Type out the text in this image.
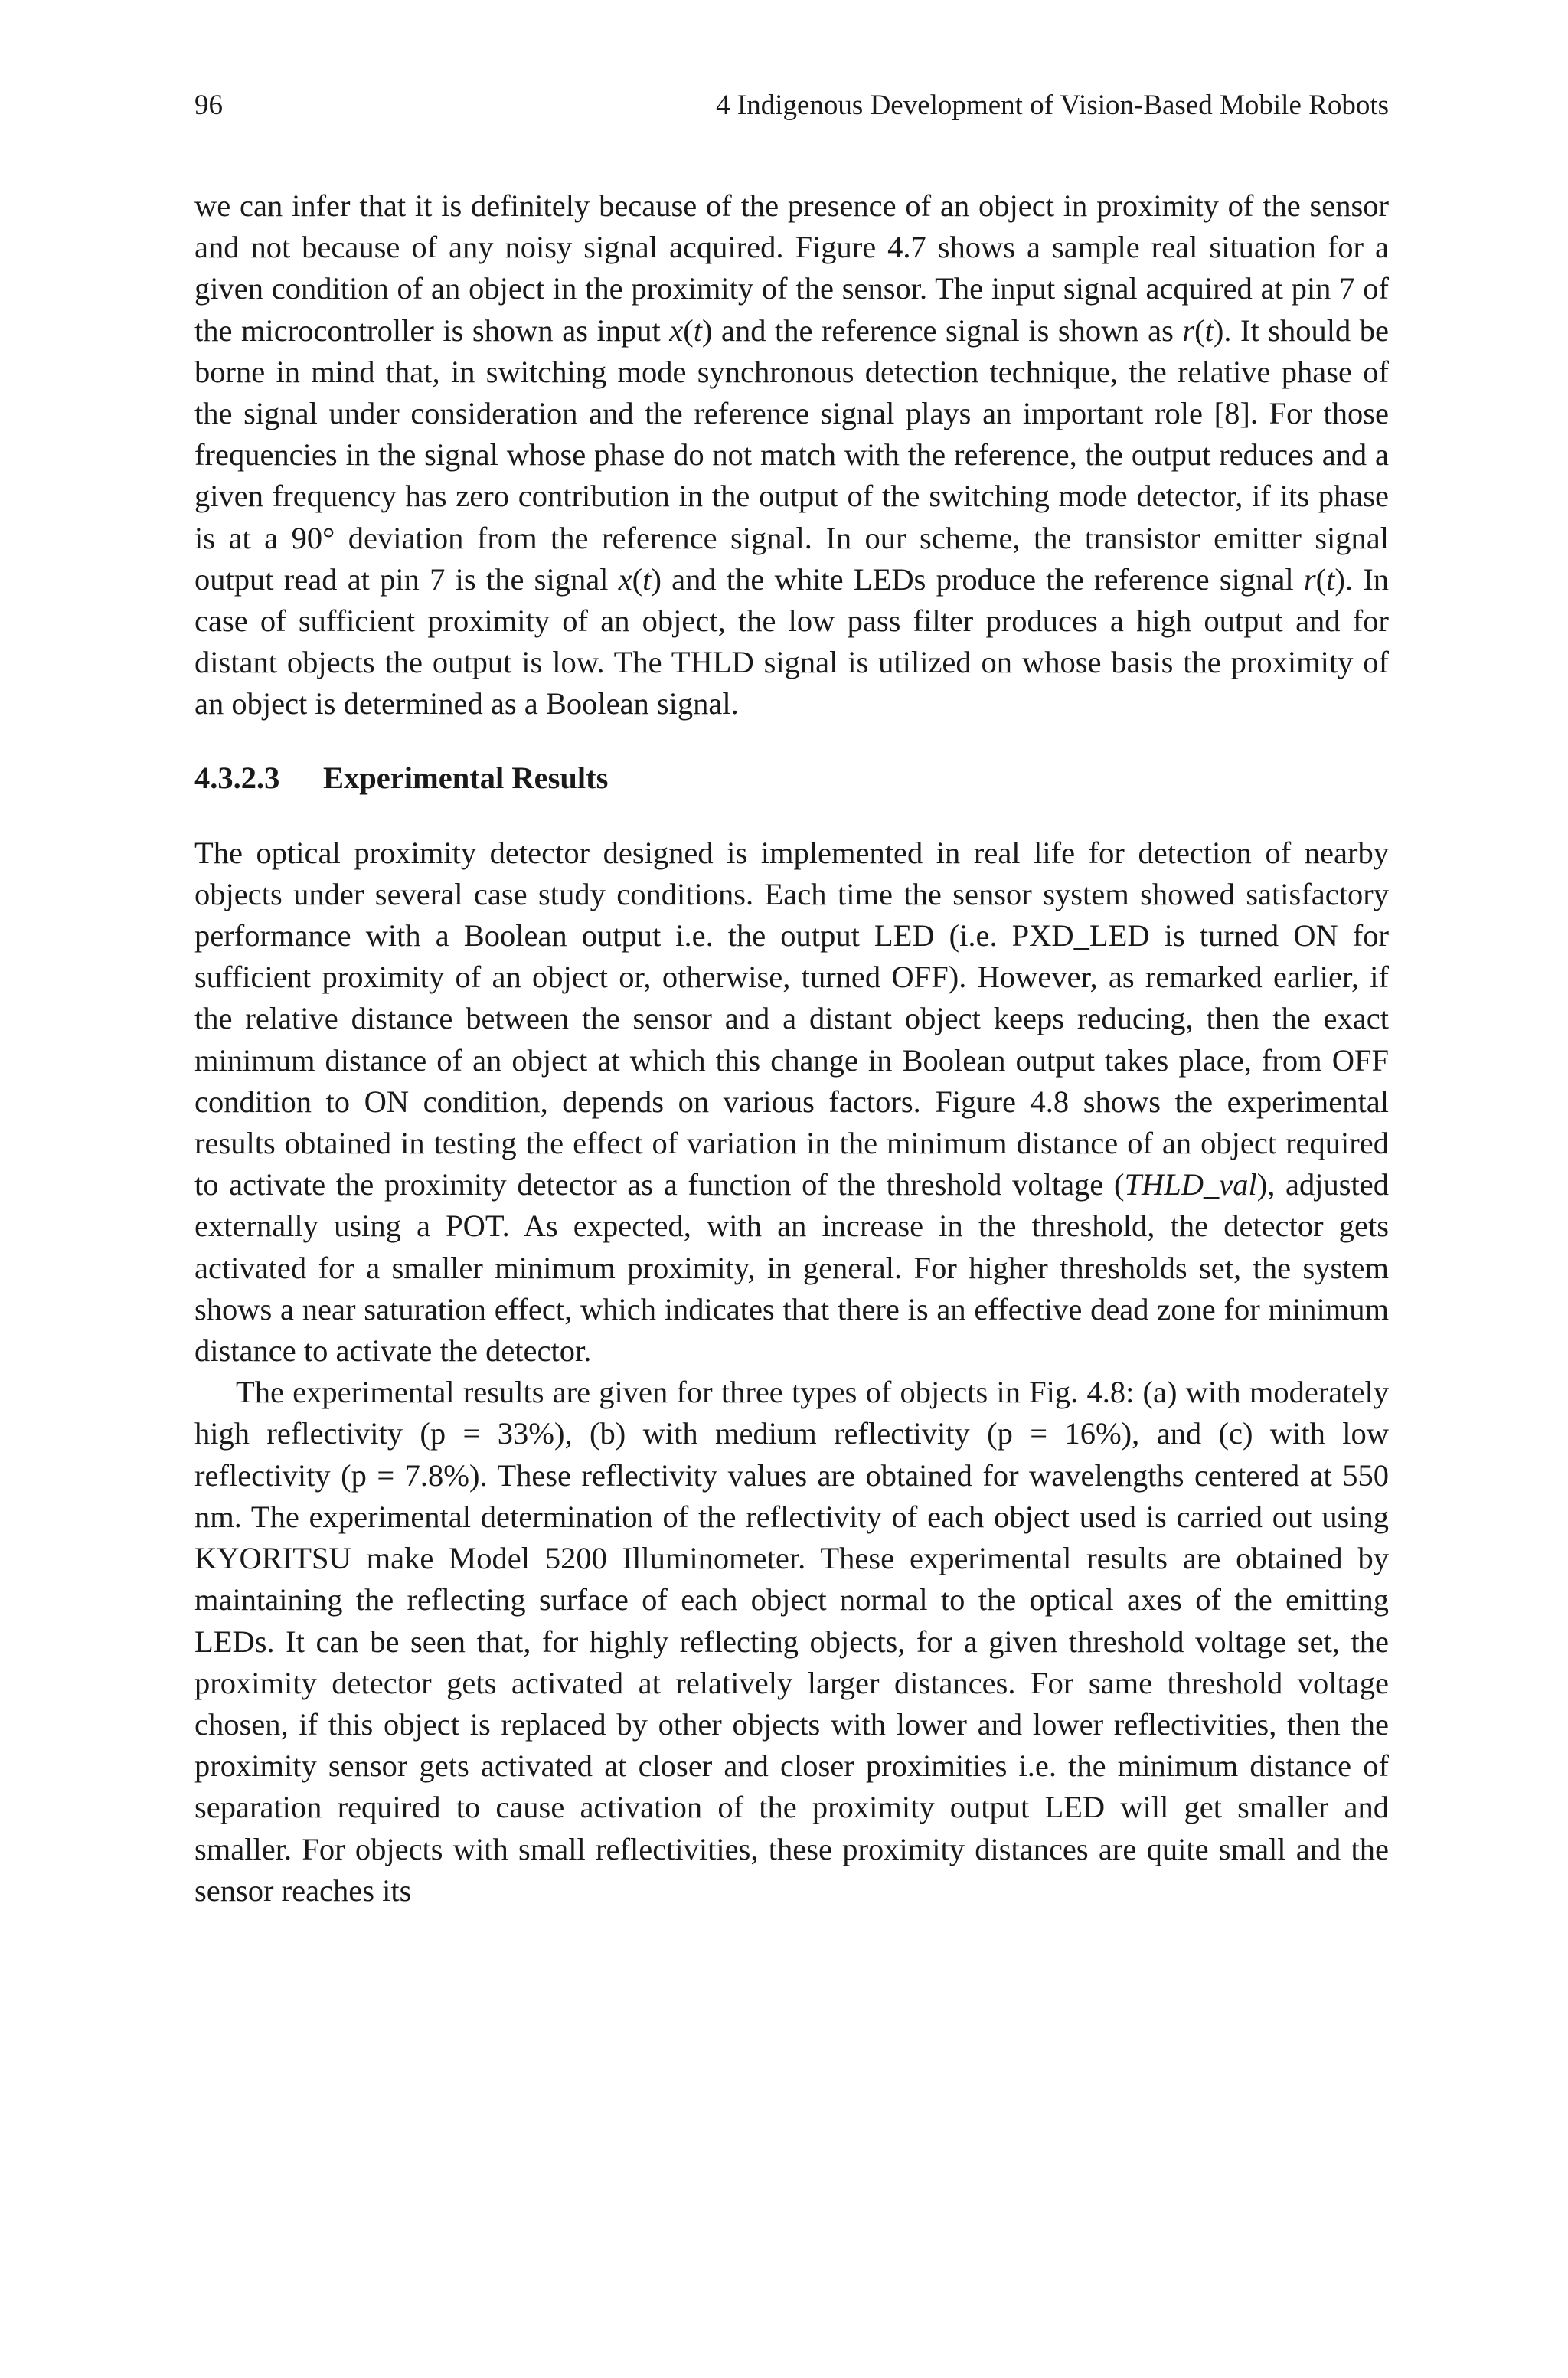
96	4 Indigenous Development of Vision-Based Mobile Robots

we can infer that it is definitely because of the presence of an object in proximity of the sensor and not because of any noisy signal acquired. Figure 4.7 shows a sample real situation for a given condition of an object in the proximity of the sensor. The input signal acquired at pin 7 of the microcontroller is shown as input x(t) and the reference signal is shown as r(t). It should be borne in mind that, in switching mode synchronous detection technique, the relative phase of the signal under consideration and the reference signal plays an important role [8]. For those frequencies in the signal whose phase do not match with the reference, the output reduces and a given frequency has zero contribution in the output of the switching mode detector, if its phase is at a 90° deviation from the reference signal. In our scheme, the transistor emitter signal output read at pin 7 is the signal x(t) and the white LEDs produce the reference signal r(t). In case of sufficient proximity of an object, the low pass filter produces a high output and for distant objects the output is low. The THLD signal is utilized on whose basis the proximity of an object is determined as a Boolean signal.

4.3.2.3 Experimental Results

The optical proximity detector designed is implemented in real life for detection of nearby objects under several case study conditions. Each time the sensor system showed satisfactory performance with a Boolean output i.e. the output LED (i.e. PXD_LED is turned ON for sufficient proximity of an object or, otherwise, turned OFF). However, as remarked earlier, if the relative distance between the sensor and a distant object keeps reducing, then the exact minimum distance of an object at which this change in Boolean output takes place, from OFF condition to ON condition, depends on various factors. Figure 4.8 shows the experimental results obtained in testing the effect of variation in the minimum distance of an object required to activate the proximity detector as a function of the threshold voltage (THLD_val), adjusted externally using a POT. As expected, with an increase in the threshold, the detector gets activated for a smaller minimum proximity, in general. For higher thresholds set, the system shows a near saturation effect, which indicates that there is an effective dead zone for minimum distance to activate the detector.

The experimental results are given for three types of objects in Fig. 4.8: (a) with moderately high reflectivity (p = 33%), (b) with medium reflectivity (p = 16%), and (c) with low reflectivity (p = 7.8%). These reflectivity values are obtained for wavelengths centered at 550 nm. The experimental determination of the reflectivity of each object used is carried out using KYORITSU make Model 5200 Illuminometer. These experimental results are obtained by maintaining the reflecting surface of each object normal to the optical axes of the emitting LEDs. It can be seen that, for highly reflecting objects, for a given threshold voltage set, the proximity detector gets activated at relatively larger distances. For same threshold voltage chosen, if this object is replaced by other objects with lower and lower reflectivities, then the proximity sensor gets activated at closer and closer proximities i.e. the minimum distance of separation required to cause activation of the proximity output LED will get smaller and smaller. For objects with small reflectivities, these proximity distances are quite small and the sensor reaches its
